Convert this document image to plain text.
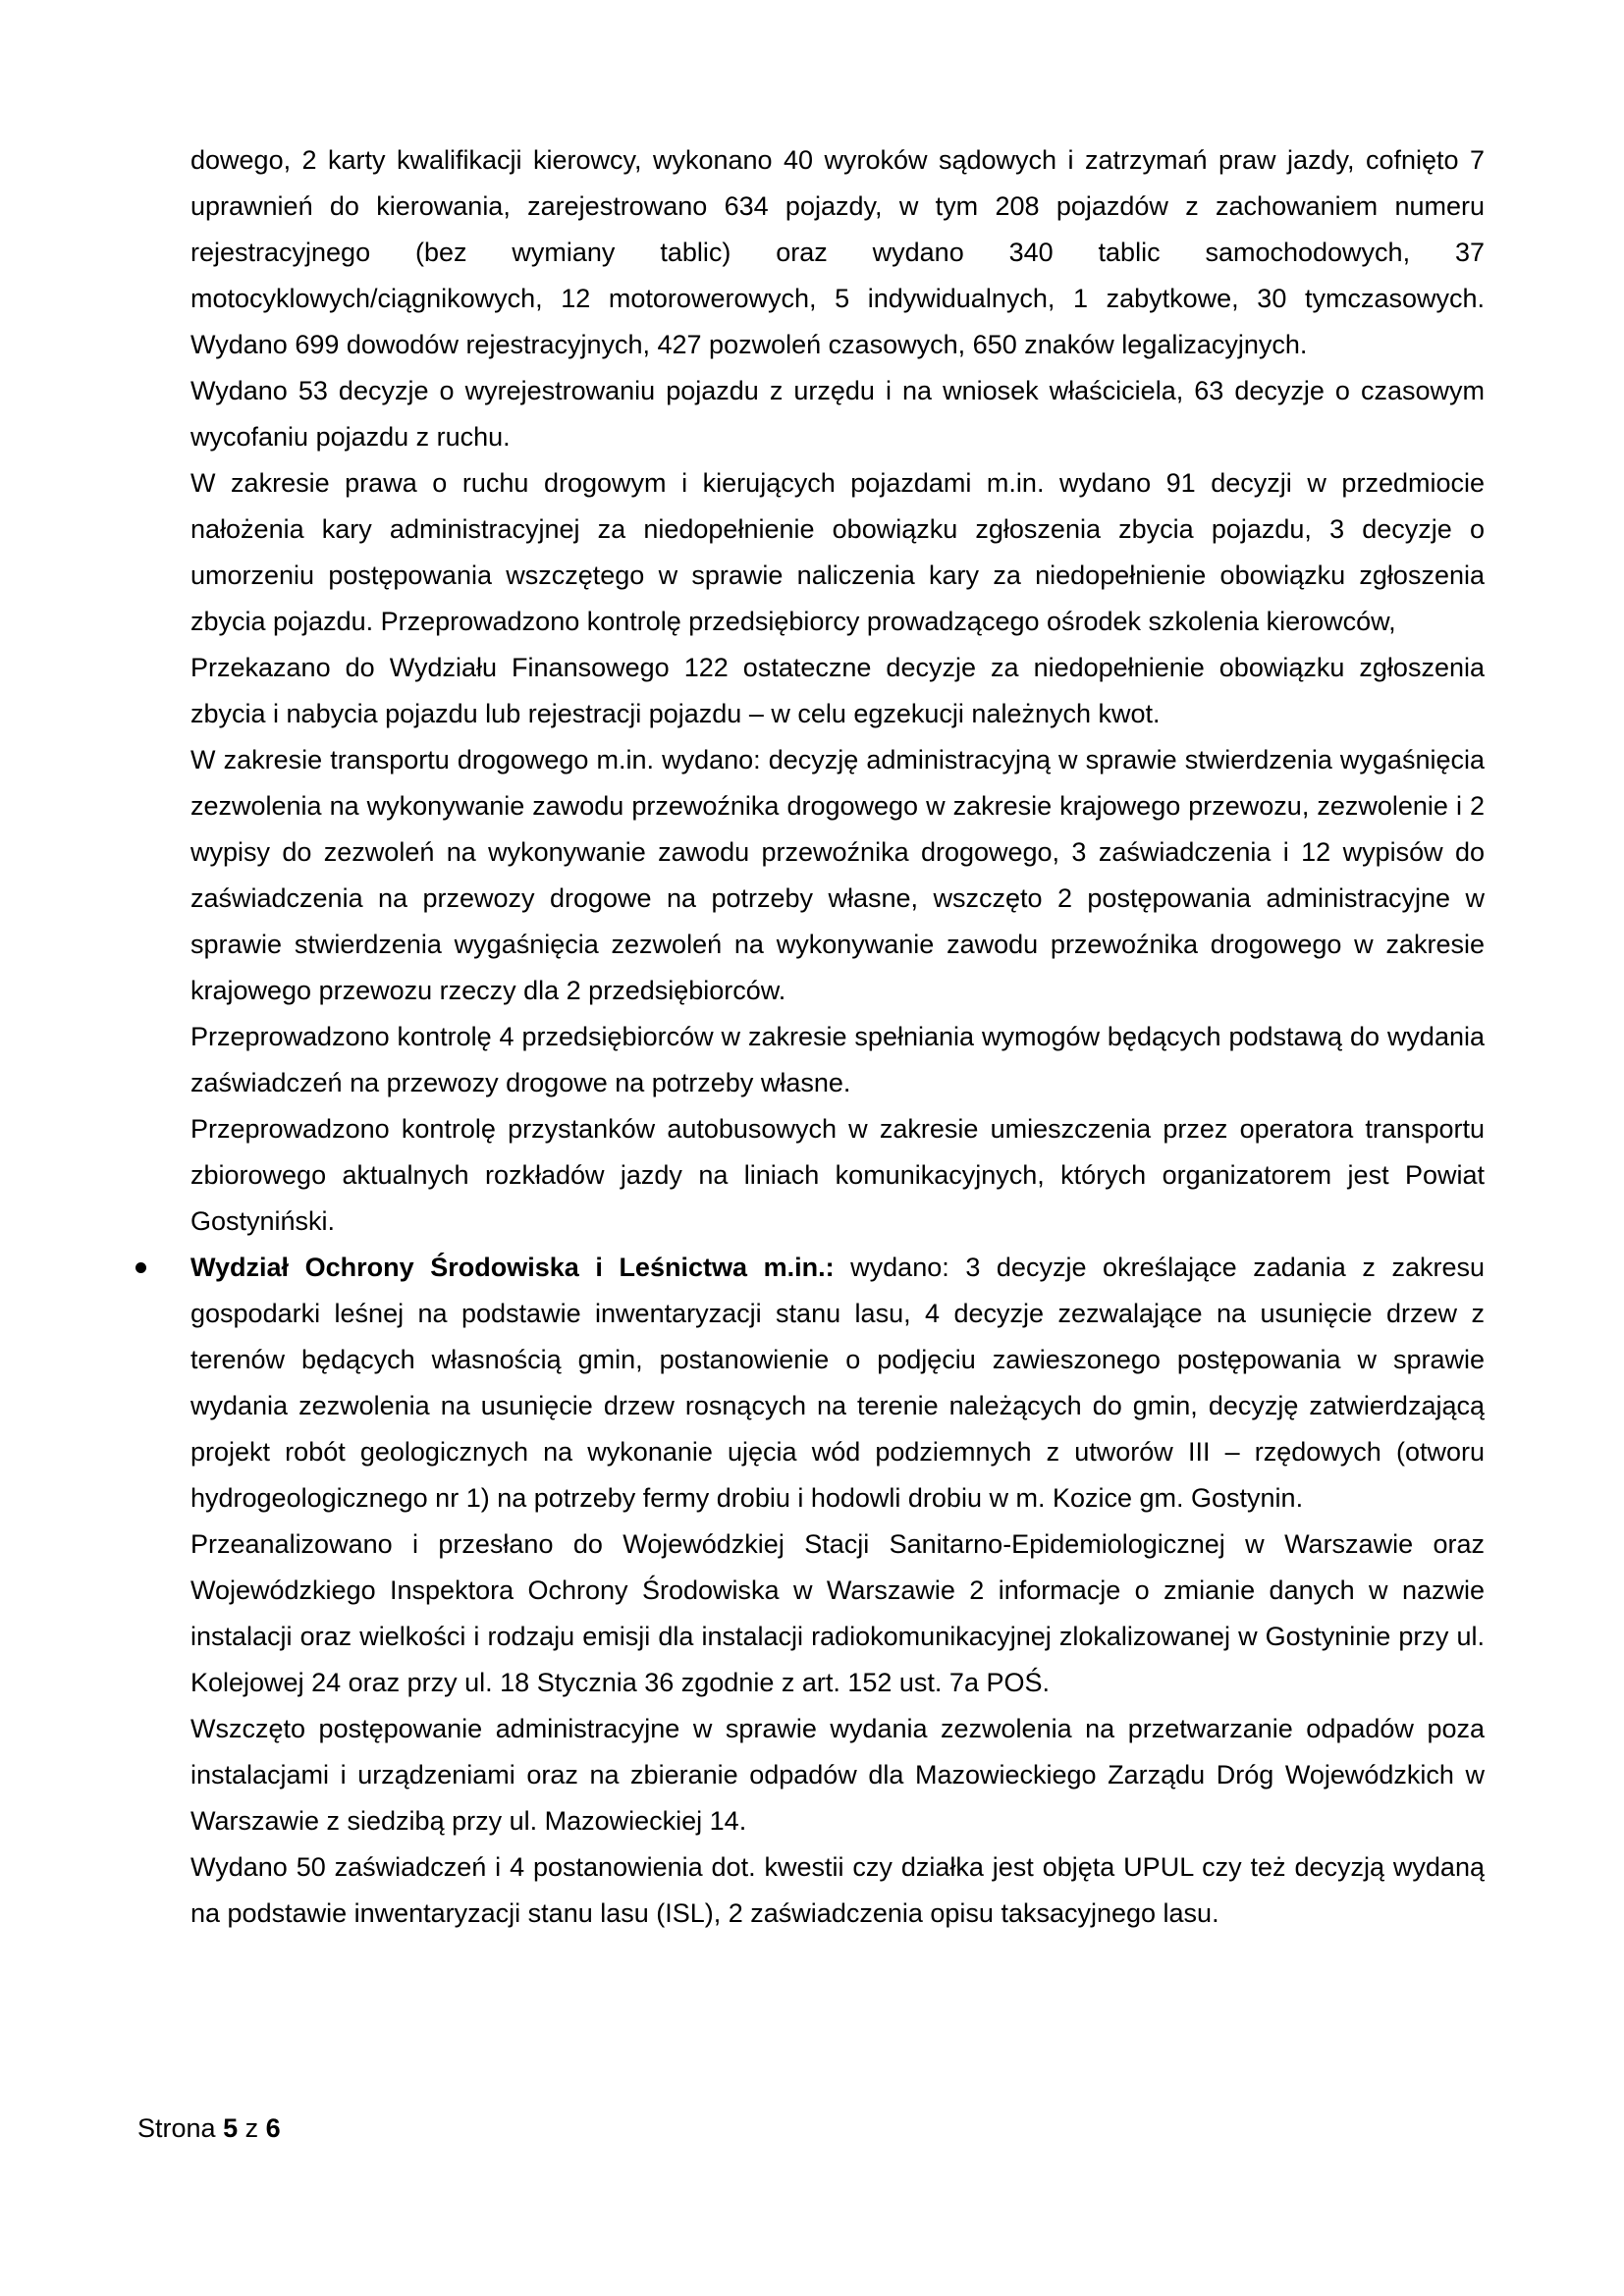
dowego, 2 karty kwalifikacji kierowcy, wykonano 40 wyroków sądowych i zatrzymań praw jazdy, cofnięto 7 uprawnień do kierowania, zarejestrowano 634 pojazdy, w tym 208 pojazdów z zachowaniem numeru rejestracyjnego (bez wymiany tablic) oraz wydano 340 tablic samochodowych, 37 motocyklowych/ciągnikowych, 12 motorowerowych, 5 indywidualnych, 1 zabytkowe, 30 tymczasowych. Wydano 699 dowodów rejestracyjnych, 427 pozwoleń czasowych, 650 znaków legalizacyjnych.

Wydano 53 decyzje o wyrejestrowaniu pojazdu z urzędu i na wniosek właściciela, 63 decyzje o czasowym wycofaniu pojazdu z ruchu.

W zakresie prawa o ruchu drogowym i kierujących pojazdami m.in. wydano 91 decyzji w przedmiocie nałożenia kary administracyjnej za niedopełnienie obowiązku zgłoszenia zbycia pojazdu, 3 decyzje o umorzeniu postępowania wszczętego w sprawie naliczenia kary za niedopełnienie obowiązku zgłoszenia zbycia pojazdu. Przeprowadzono kontrolę przedsiębiorcy prowadzącego ośrodek szkolenia kierowców,

Przekazano do Wydziału Finansowego 122 ostateczne decyzje za niedopełnienie obowiązku zgłoszenia zbycia i nabycia pojazdu lub rejestracji pojazdu – w celu egzekucji należnych kwot.

W zakresie transportu drogowego m.in. wydano: decyzję administracyjną w sprawie stwierdzenia wygaśnięcia zezwolenia na wykonywanie zawodu przewoźnika drogowego w zakresie krajowego przewozu, zezwolenie i 2 wypisy do zezwoleń na wykonywanie zawodu przewoźnika drogowego, 3 zaświadczenia i 12 wypisów do zaświadczenia na przewozy drogowe na potrzeby własne, wszczęto 2 postępowania administracyjne w sprawie stwierdzenia wygaśnięcia zezwoleń na wykonywanie zawodu przewoźnika drogowego w zakresie krajowego przewozu rzeczy dla 2 przedsiębiorców.

Przeprowadzono kontrolę 4 przedsiębiorców w zakresie spełniania wymogów będących podstawą do wydania zaświadczeń na przewozy drogowe na potrzeby własne.

Przeprowadzono kontrolę przystanków autobusowych w zakresie umieszczenia przez operatora transportu zbiorowego aktualnych rozkładów jazdy na liniach komunikacyjnych, których organizatorem jest Powiat Gostyniński.

Wydział Ochrony Środowiska i Leśnictwa m.in.: wydano: 3 decyzje określające zadania z zakresu gospodarki leśnej na podstawie inwentaryzacji stanu lasu, 4 decyzje zezwalające na usunięcie drzew z terenów będących własnością gmin, postanowienie o podjęciu zawieszonego postępowania w sprawie wydania zezwolenia na usunięcie drzew rosnących na terenie należących do gmin, decyzję zatwierdzającą projekt robót geologicznych na wykonanie ujęcia wód podziemnych z utworów III – rzędowych (otworu hydrogeologicznego nr 1) na potrzeby fermy drobiu i hodowli drobiu w m. Kozice gm. Gostynin.

Przeanalizowano i przesłano do Wojewódzkiej Stacji Sanitarno-Epidemiologicznej w Warszawie oraz Wojewódzkiego Inspektora Ochrony Środowiska w Warszawie 2 informacje o zmianie danych w nazwie instalacji oraz wielkości i rodzaju emisji dla instalacji radiokomunikacyjnej zlokalizowanej w Gostyninie przy ul. Kolejowej 24 oraz przy ul. 18 Stycznia 36 zgodnie z art. 152 ust. 7a POŚ.

Wszczęto postępowanie administracyjne w sprawie wydania zezwolenia na przetwarzanie odpadów poza instalacjami i urządzeniami oraz na zbieranie odpadów dla Mazowieckiego Zarządu Dróg Wojewódzkich w Warszawie z siedzibą przy ul. Mazowieckiej 14.

Wydano 50 zaświadczeń i 4 postanowienia dot. kwestii czy działka jest objęta UPUL czy też decyzją wydaną na podstawie inwentaryzacji stanu lasu (ISL), 2 zaświadczenia opisu taksacyjnego lasu.

Strona 5 z 6
